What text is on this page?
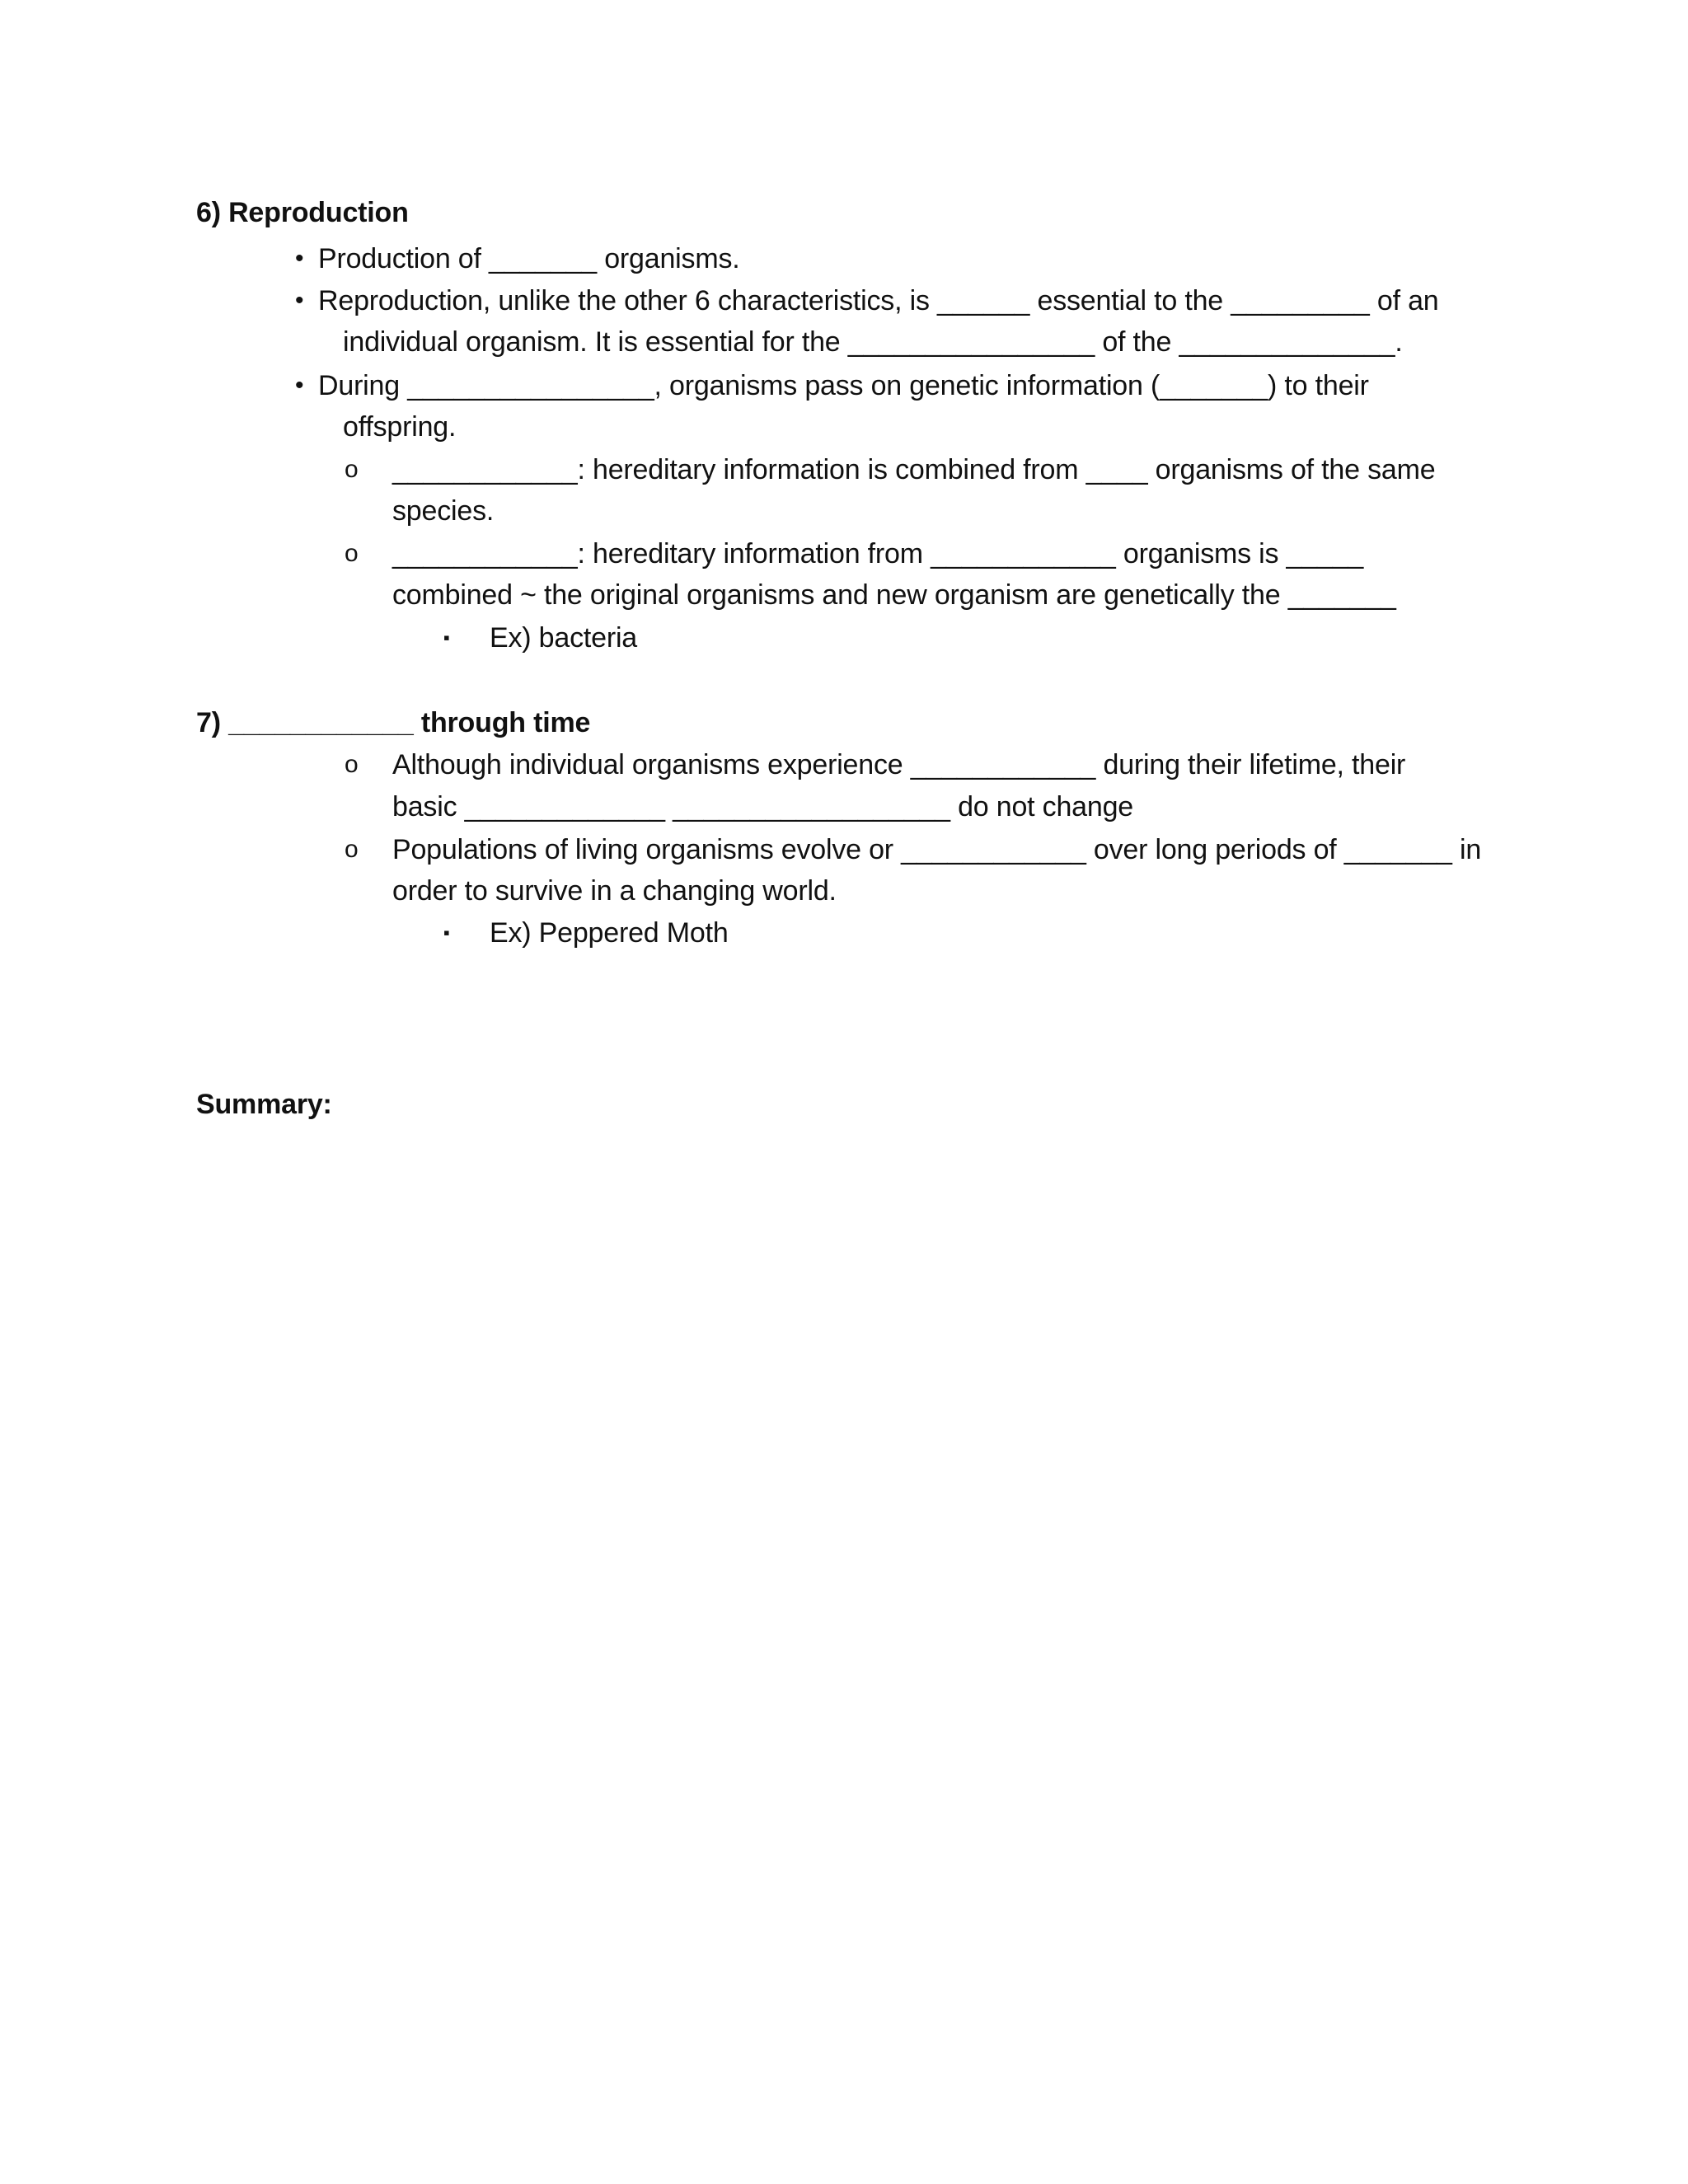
6) Reproduction
• Production of _______ organisms.
• Reproduction, unlike the other 6 characteristics, is ______ essential to the _________ of an
individual organism. It is essential for the ________________ of the ______________.
• During ________________, organisms pass on genetic information (_______) to their
offspring.
o ____________: hereditary information is combined from ____ organisms of the same
species.
o ____________: hereditary information from ____________ organisms is _____
combined ~ the original organisms and new organism are genetically the _______
▪ Ex) bacteria
7) ____________ through time
o Although individual organisms experience ____________ during their lifetime, their
basic _____________ __________________ do not change
o Populations of living organisms evolve or ____________ over long periods of _______ in
order to survive in a changing world.
▪ Ex) Peppered Moth
Summary:
